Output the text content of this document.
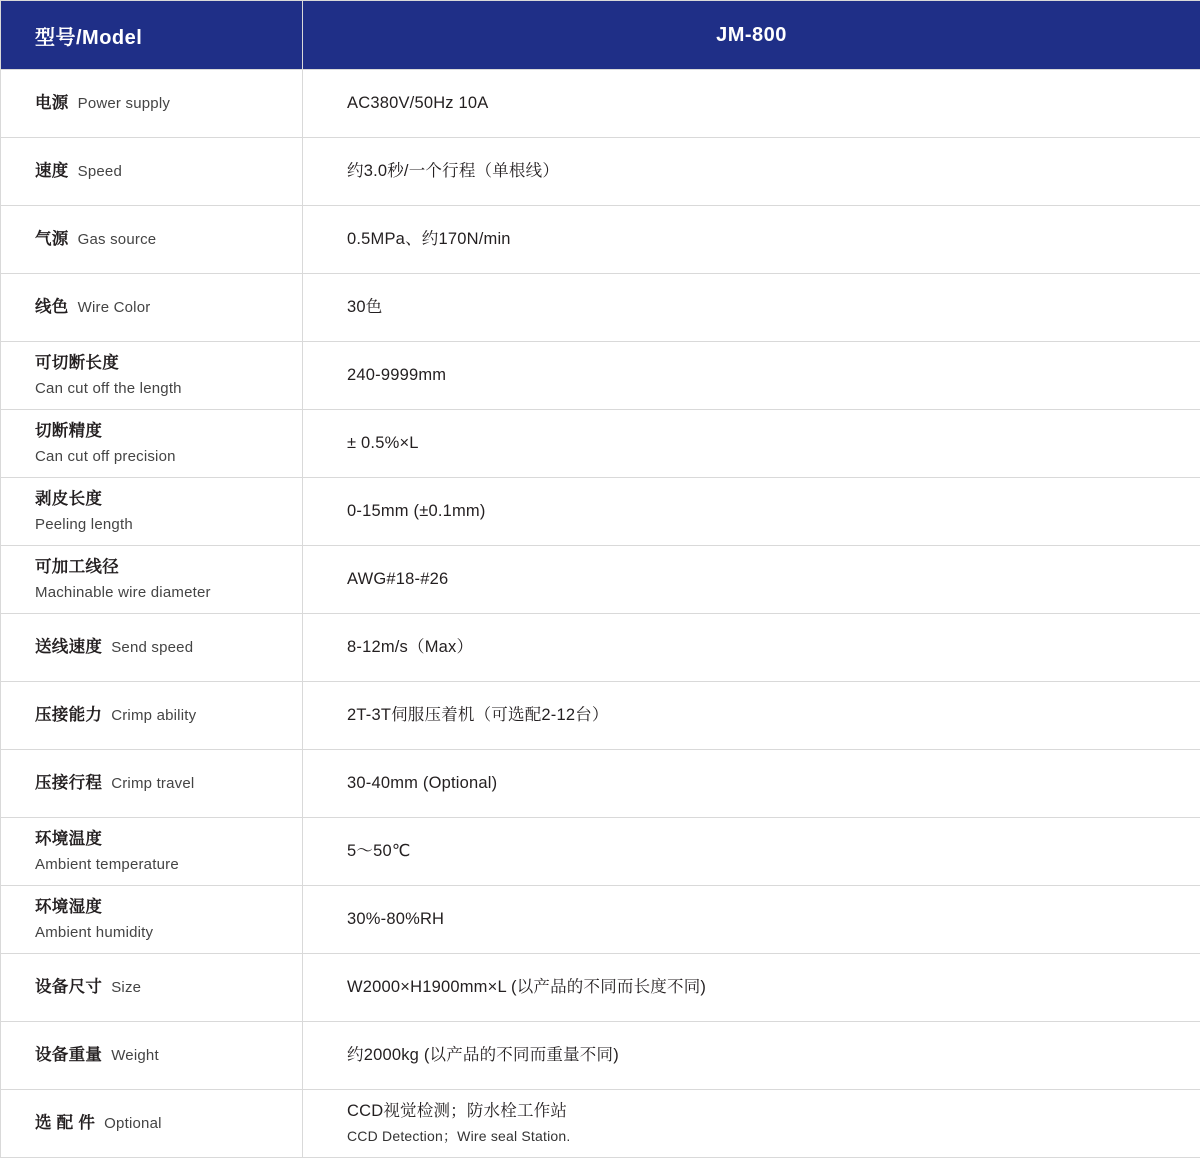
型号/Model	JM-800
电源 Power supply	AC380V/50Hz 10A

速度 Speed	约3.0秒/一个行程（单根线）

气源 Gas source	0.5MPa、约170N/min

线色 Wire Color	30色

可切断长度
Can cut off the length	240-9999mm

切断精度
Can cut off precision	± 0.5%×L

剥皮长度
Peeling length	0-15mm (±0.1mm)

可加工线径
Machinable wire diameter	AWG#18-#26

送线速度 Send speed	8-12m/s（Max）

压接能力 Crimp ability	2T-3T伺服压着机（可选配2-12台）

压接行程 Crimp travel	30-40mm (Optional)

环境温度
Ambient temperature	5～50℃

环境湿度
Ambient humidity	30%-80%RH

设备尺寸 Size	W2000×H1900mm×L (以产品的不同而长度不同)

设备重量 Weight	约2000kg (以产品的不同而重量不同)

选 配 件 Optional	CCD视觉检测；防水栓工作站
CCD Detection；Wire seal Station.
